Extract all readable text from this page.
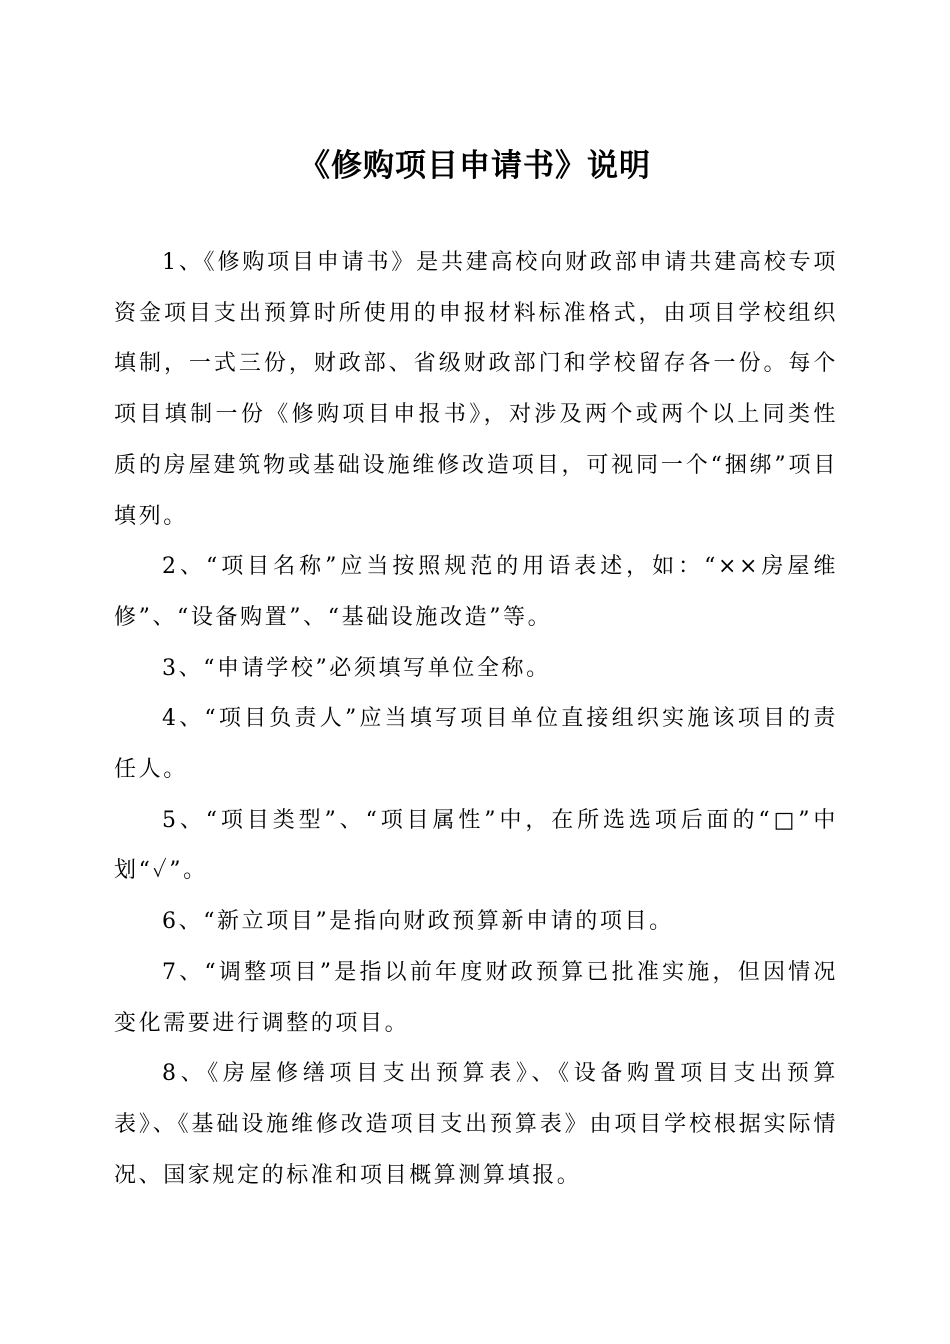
《修购项目申请书》说明

1、《修购项目申请书》是共建高校向财政部申请共建高校专项资金项目支出预算时所使用的申报材料标准格式，由项目学校组织填制，一式三份，财政部、省级财政部门和学校留存各一份。每个项目填制一份《修购项目申报书》，对涉及两个或两个以上同类性质的房屋建筑物或基础设施维修改造项目，可视同一个“捆绑”项目填列。

2、“项目名称”应当按照规范的用语表述，如：“××房屋维修”、“设备购置”、“基础设施改造”等。

3、“申请学校”必须填写单位全称。

4、“项目负责人”应当填写项目单位直接组织实施该项目的责任人。

5、“项目类型”、“项目属性”中，在所选选项后面的“□”中划“✓”。

6、“新立项目”是指向财政预算新申请的项目。

7、“调整项目”是指以前年度财政预算已批准实施，但因情况变化需要进行调整的项目。

8、《房屋修缮项目支出预算表》、《设备购置项目支出预算表》、《基础设施维修改造项目支出预算表》由项目学校根据实际情况、国家规定的标准和项目概算测算填报。
